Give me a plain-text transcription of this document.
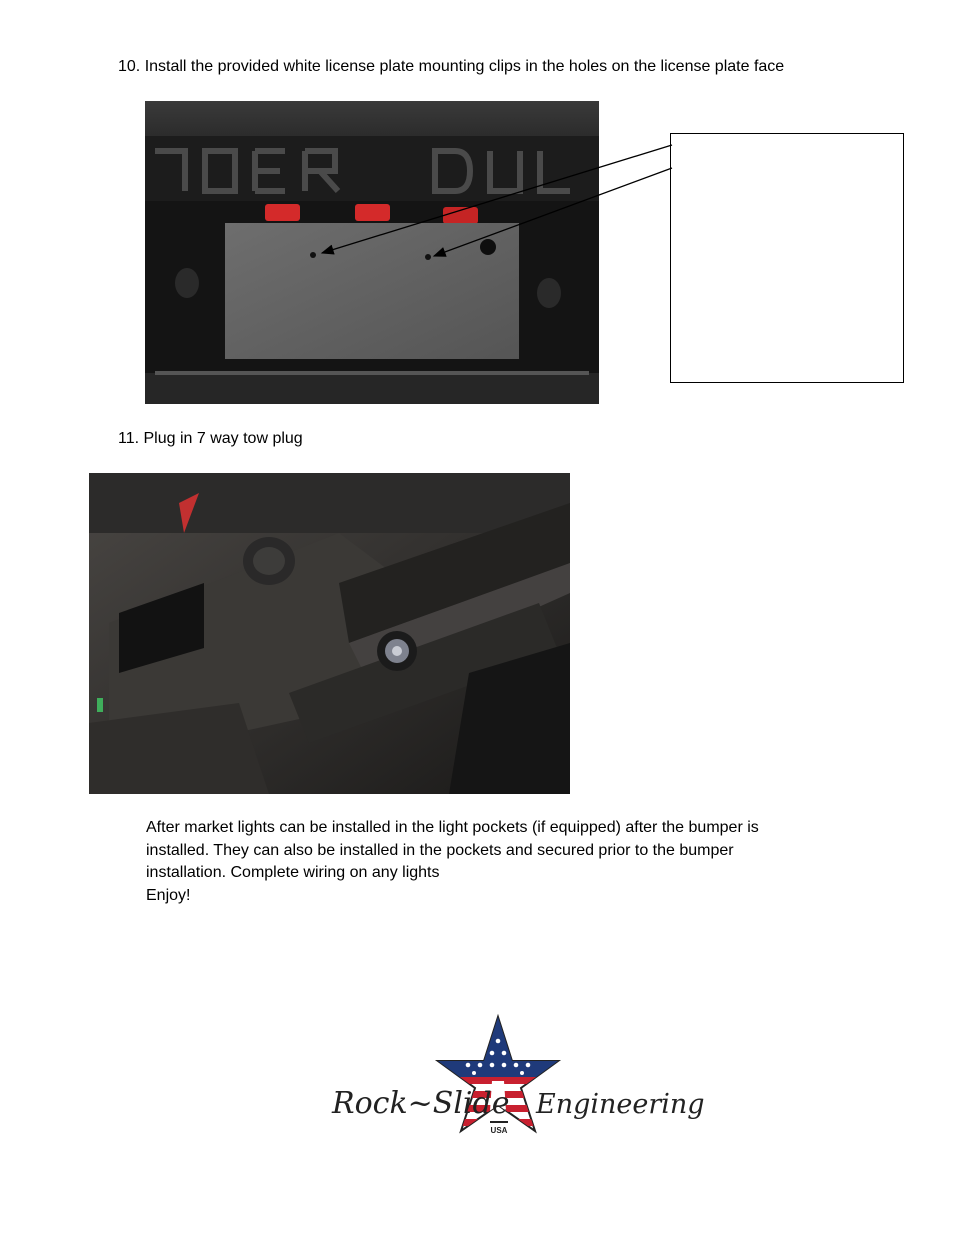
10. Install the provided white license plate mounting clips in the holes on the license plate face
11. Plug in 7 way tow plug
After market lights can be installed in the light pockets (if equipped) after the bumper is
installed. They can also be installed in the pockets and secured prior to the bumper
installation. Complete wiring on any lights
Enjoy!
USA
Rock~Slide Engineering
